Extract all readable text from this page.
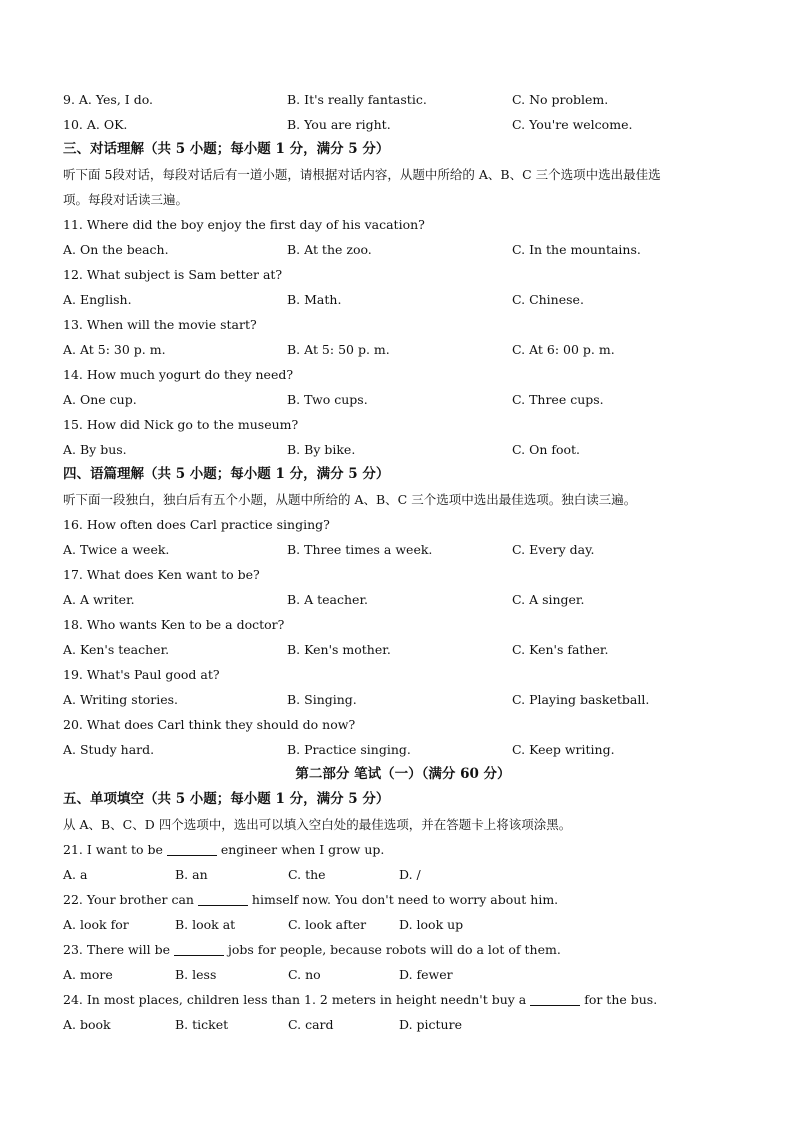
9. A. Yes, I do.	B. It's really fantastic.	C. No problem.
10. A. OK.	B. You are right.	C. You're welcome.
三、对话理解（共 5 小题；每小题 1 分，满分 5 分）
听下面 5段对话，每段对话后有一道小题，请根据对话内容，从题中所给的 A、B、C 三个选项中选出最佳选
项。每段对话读三遍。
11. Where did the boy enjoy the first day of his vacation?
A. On the beach.	B. At the zoo.	C. In the mountains.
12. What subject is Sam better at?
A. English.	B. Math.	C. Chinese.
13. When will the movie start?
A. At 5: 30 p. m.	B. At 5: 50 p. m.	C. At 6: 00 p. m.
14. How much yogurt do they need?
A. One cup.	B. Two cups.	C. Three cups.
15. How did Nick go to the museum?
A. By bus.	B. By bike.	C. On foot.
四、语篇理解（共 5 小题；每小题 1 分，满分 5 分）
听下面一段独白，独白后有五个小题，从题中所给的 A、B、C 三个选项中选出最佳选项。独白读三遍。
16. How often does Carl practice singing?
A. Twice a week.	B. Three times a week.	C. Every day.
17. What does Ken want to be?
A. A writer.	B. A teacher.	C. A singer.
18. Who wants Ken to be a doctor?
A. Ken's teacher.	B. Ken's mother.	C. Ken's father.
19. What's Paul good at?
A. Writing stories.	B. Singing.	C. Playing basketball.
20. What does Carl think they should do now?
A. Study hard.	B. Practice singing.	C. Keep writing.
第二部分 笔试（一）（满分 60 分）
五、单项填空（共 5 小题；每小题 1 分，满分 5 分）
从 A、B、C、D 四个选项中，选出可以填入空白处的最佳选项，并在答题卡上将该项涂黑。
21. I want to be	engineer when I grow up.
A. a	B. an	C. the	D. /
22. Your brother can	himself now. You don't need to worry about him.
A. look for	B. look at	C. look after	D. look up
23. There will be	jobs for people, because robots will do a lot of them.
A. more	B. less	C. no	D. fewer
24. In most places, children less than 1. 2 meters in height needn't buy a	for the bus.
A. book	B. ticket	C. card	D. picture
